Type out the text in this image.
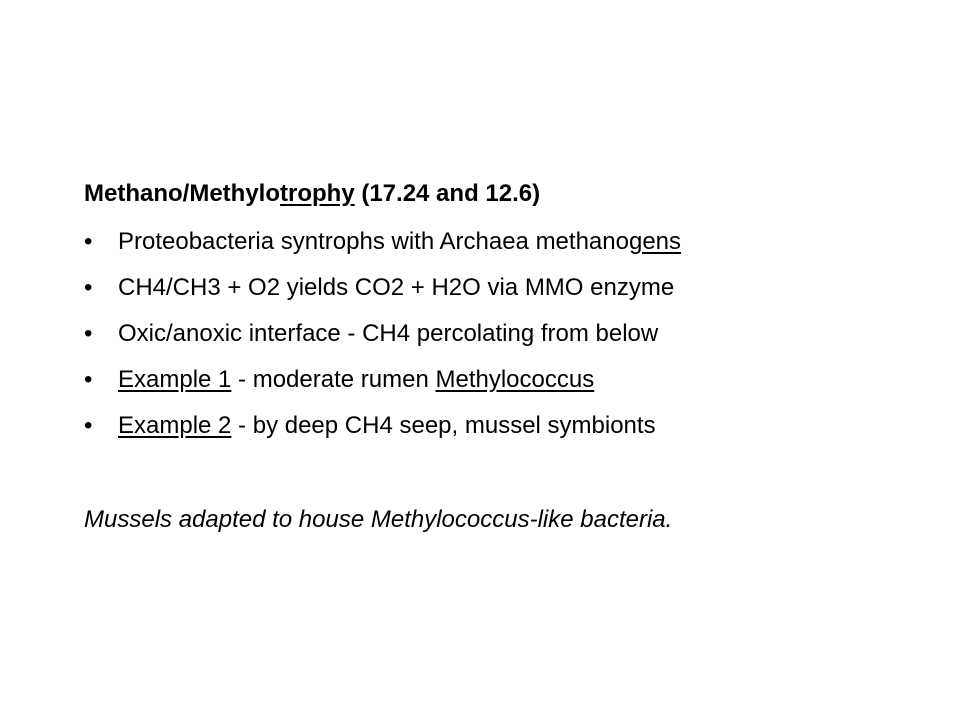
Methano/Methylotrophy (17.24 and 12.6)
•	Proteobacteria syntrophs with Archaea methanogens
•	CH4/CH3 + O2 yields CO2 + H2O via MMO enzyme
•	Oxic/anoxic interface - CH4 percolating from below
•	Example 1 - moderate rumen Methylococcus
•	Example 2 - by deep CH4 seep, mussel symbionts
Mussels adapted to house Methylococcus-like bacteria.
